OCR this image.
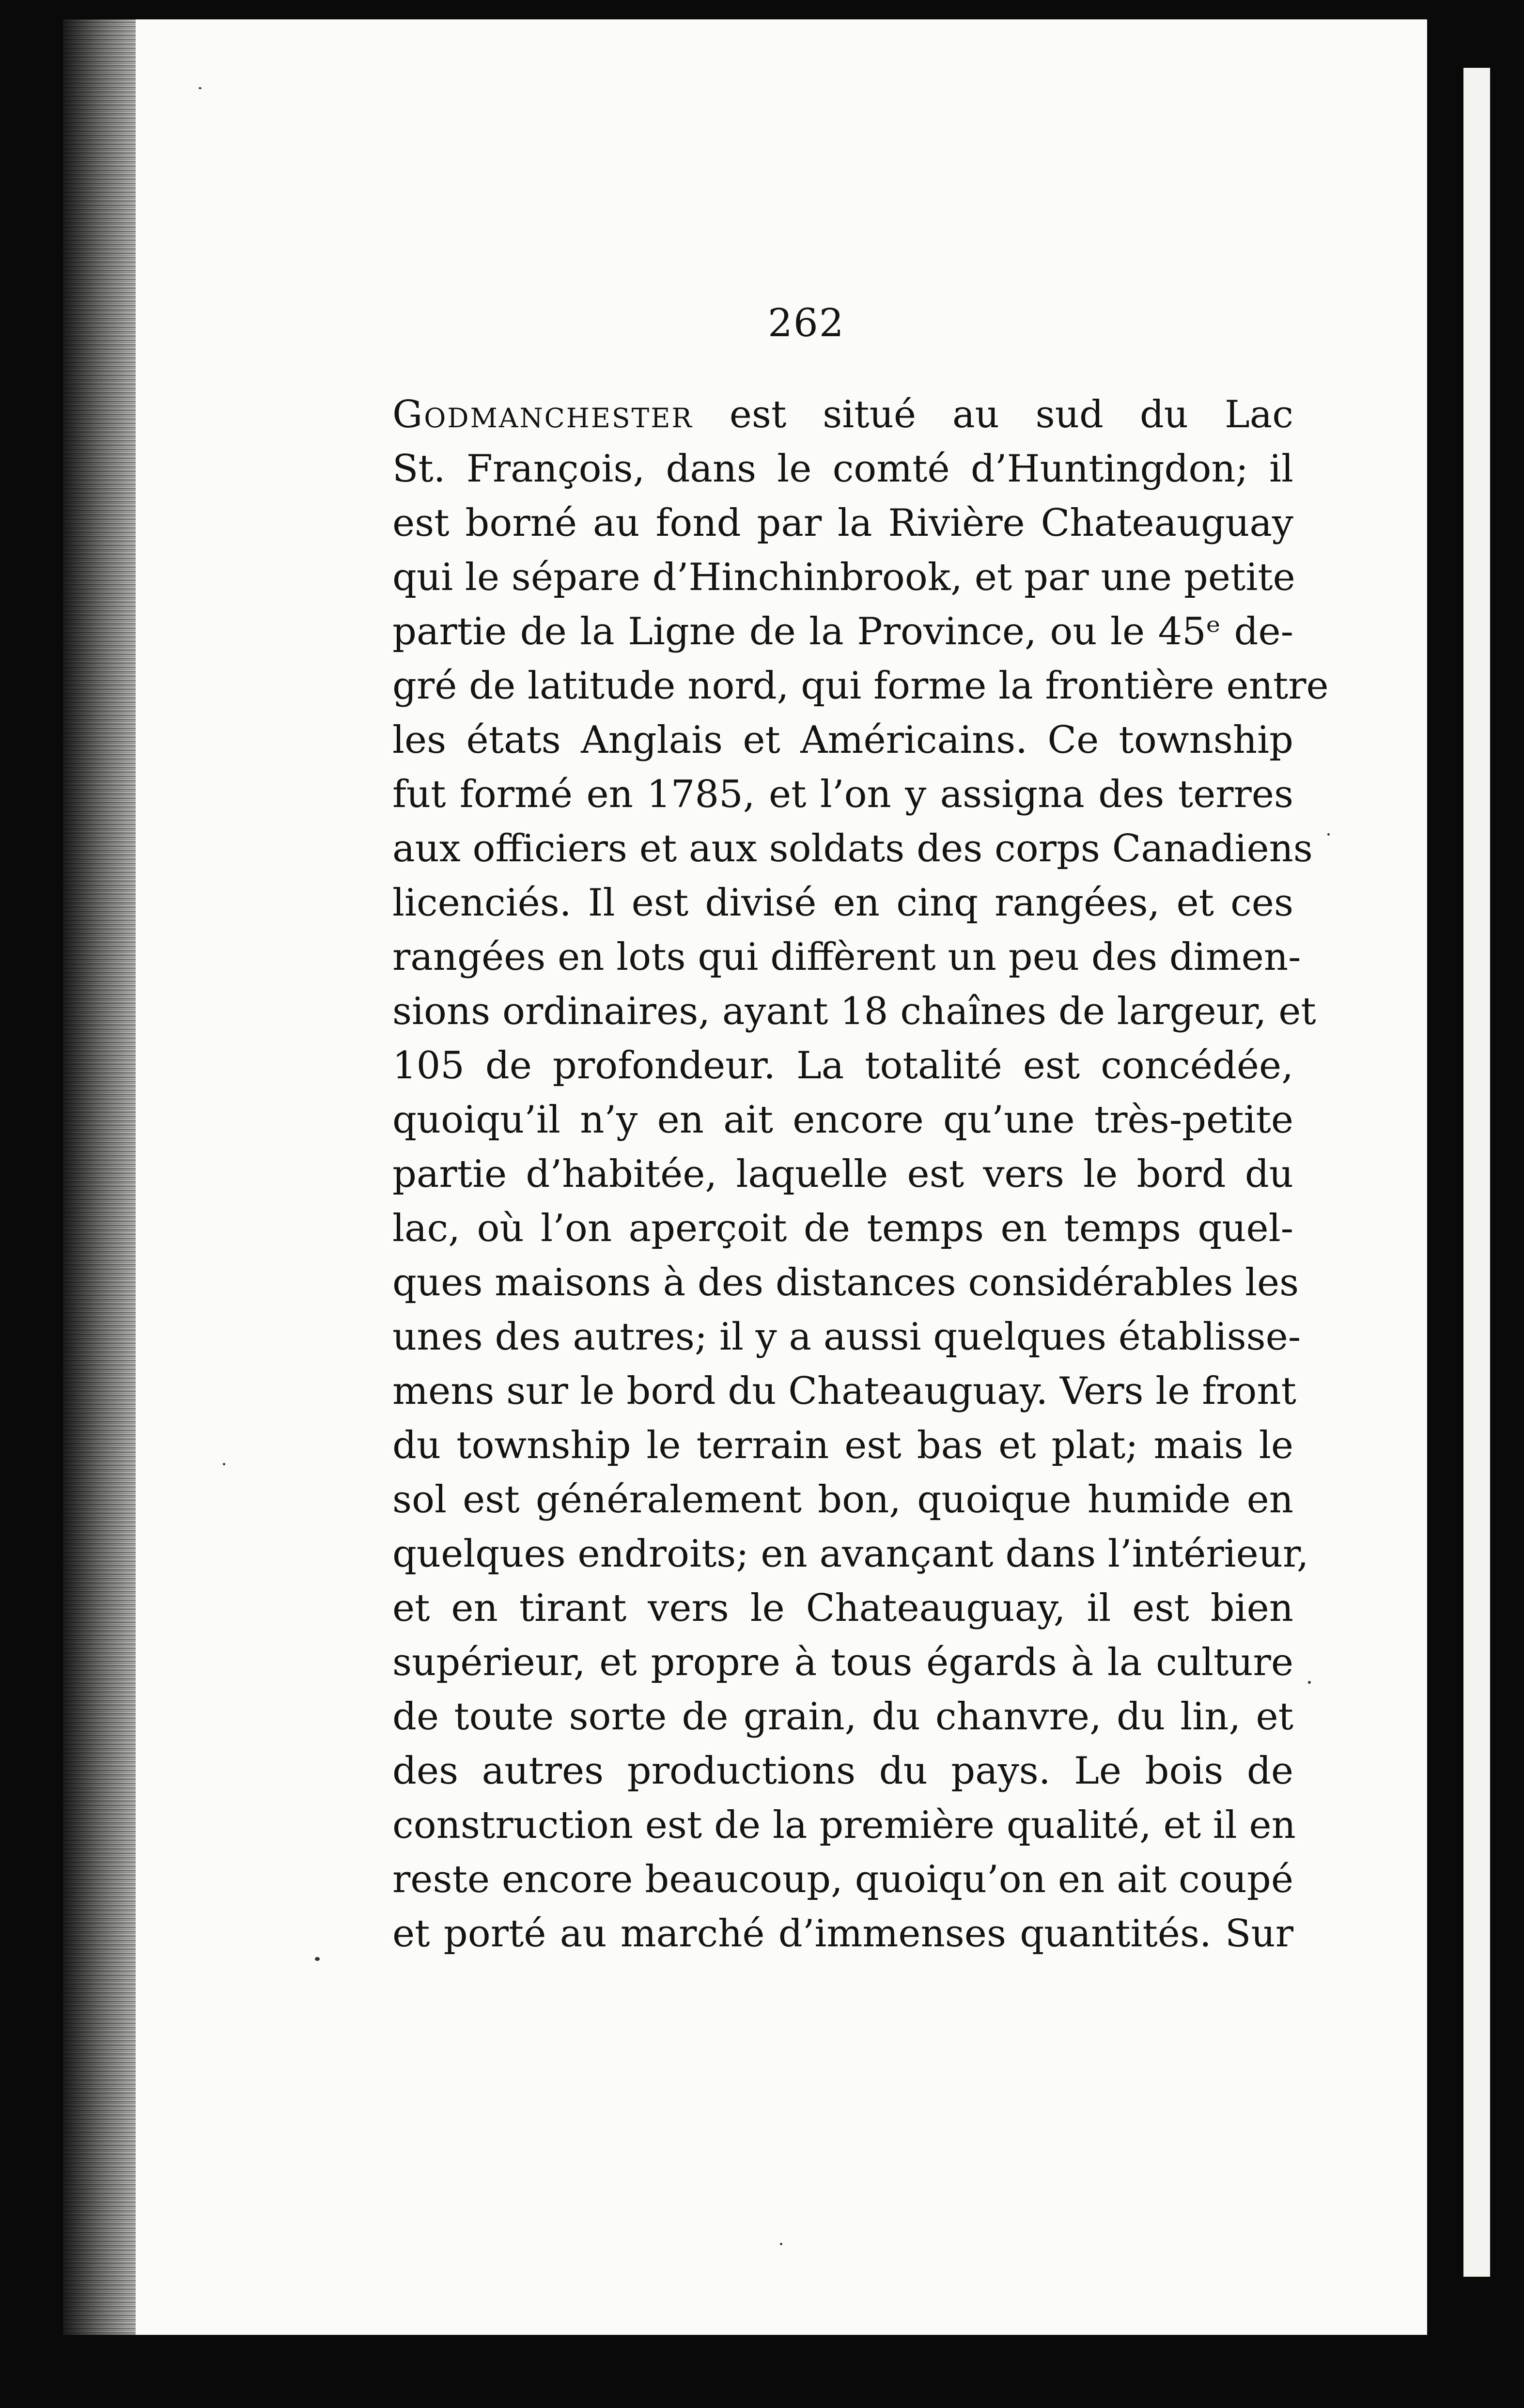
262
Godmanchester est situé au sud du Lac
St. François, dans le comté d’Huntingdon; il
est borné au fond par la Rivière Chateauguay
qui le sépare d’Hinchinbrook, et par une petite
partie de la Ligne de la Province, ou le 45ᵉ de-
gré de latitude nord, qui forme la frontière entre
les états Anglais et Américains. Ce township
fut formé en 1785, et l’on y assigna des terres
aux officiers et aux soldats des corps Canadiens
licenciés. Il est divisé en cinq rangées, et ces
rangées en lots qui diffèrent un peu des dimen-
sions ordinaires, ayant 18 chaînes de largeur, et
105 de profondeur. La totalité est concédée,
quoiqu’il n’y en ait encore qu’une très-petite
partie d’habitée, laquelle est vers le bord du
lac, où l’on aperçoit de temps en temps quel-
ques maisons à des distances considérables les
unes des autres; il y a aussi quelques établisse-
mens sur le bord du Chateauguay. Vers le front
du township le terrain est bas et plat; mais le
sol est généralement bon, quoique humide en
quelques endroits; en avançant dans l’intérieur,
et en tirant vers le Chateauguay, il est bien
supérieur, et propre à tous égards à la culture
de toute sorte de grain, du chanvre, du lin, et
des autres productions du pays. Le bois de
construction est de la première qualité, et il en
reste encore beaucoup, quoiqu’on en ait coupé
et porté au marché d’immenses quantités. Sur
